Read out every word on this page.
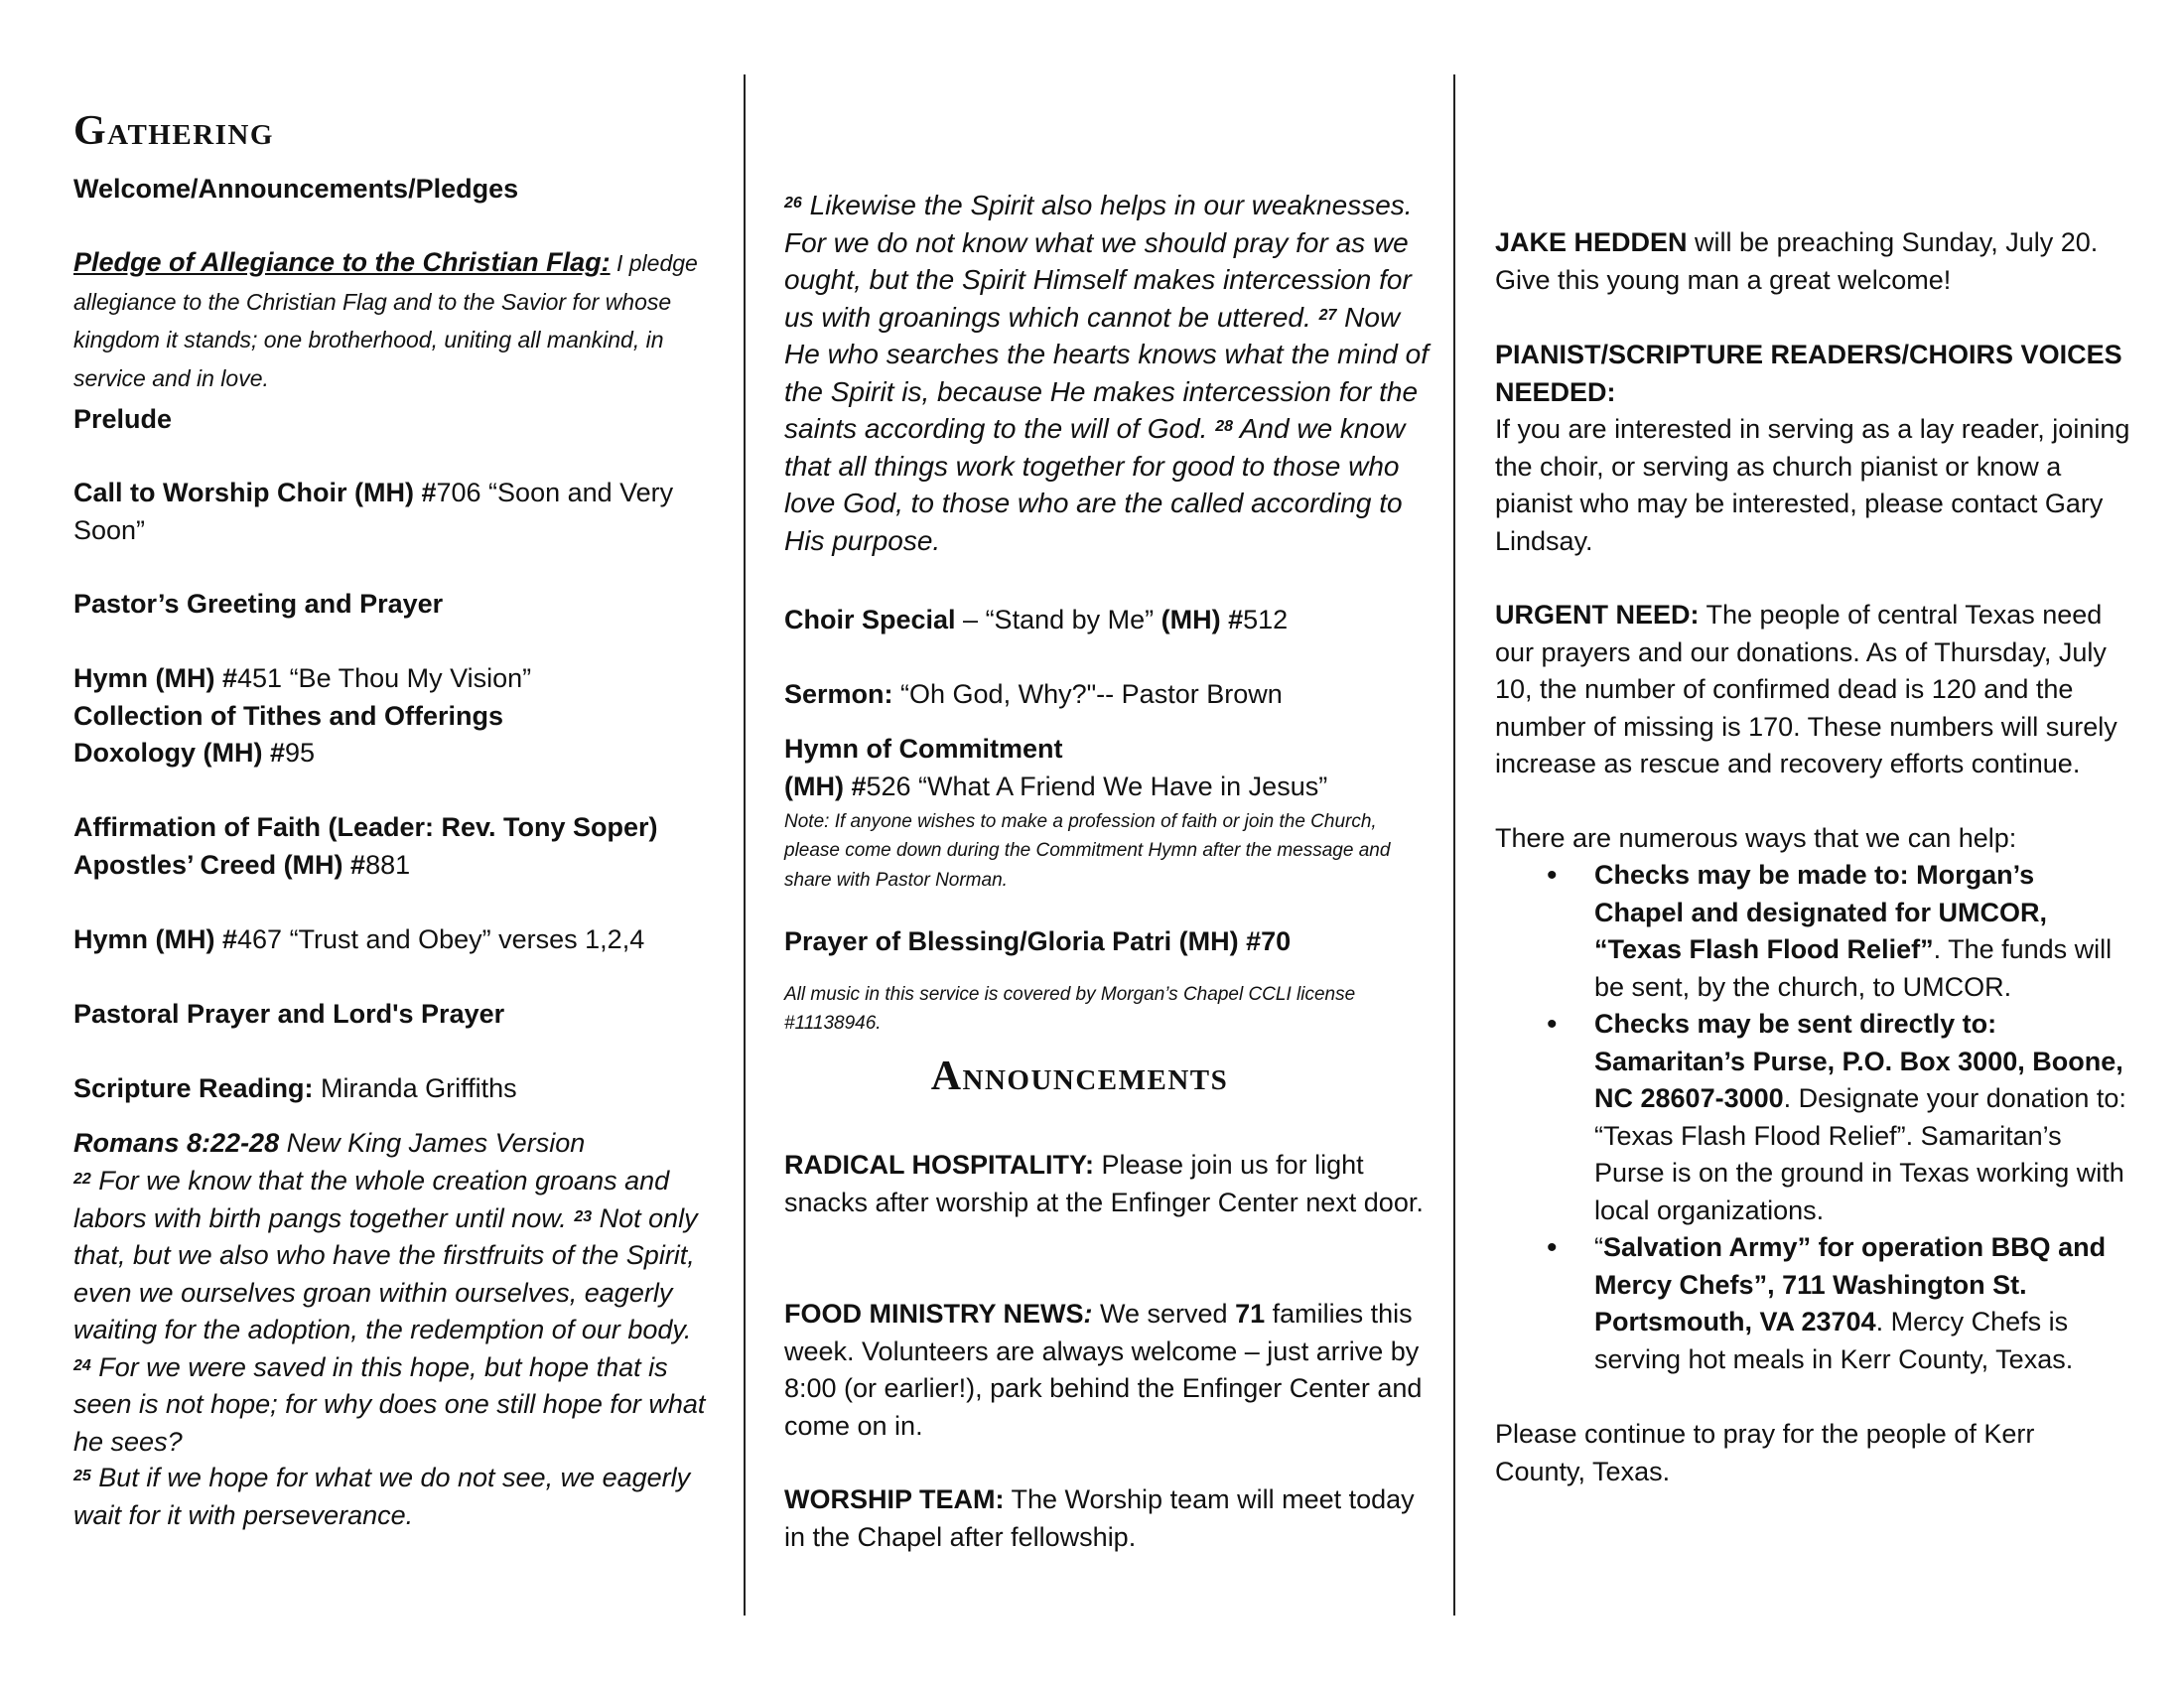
Gathering

Welcome/Announcements/Pledges

Pledge of Allegiance to the Christian Flag: I pledge allegiance to the Christian Flag and to the Savior for whose kingdom it stands; one brotherhood, uniting all mankind, in service and in love.

Prelude

Call to Worship Choir (MH) #706 “Soon and Very Soon”

Pastor’s Greeting and Prayer

Hymn (MH) #451 “Be Thou My Vision”

Collection of Tithes and Offerings

Doxology (MH) #95

Affirmation of Faith (Leader: Rev. Tony Soper)

Apostles’ Creed (MH) #881

Hymn (MH) #467 “Trust and Obey” verses 1,2,4

Pastoral Prayer and Lord's Prayer

Scripture Reading: Miranda Griffiths

Romans 8:22-28 New King James Version

$^{22}$ For we know that the whole creation groans and labors with birth pangs together until now. $^{23}$ Not only that, but we also who have the firstfruits of the Spirit, even we ourselves groan within ourselves, eagerly waiting for the adoption, the redemption of our body. $^{24}$ For we were saved in this hope, but hope that is seen is not hope; for why does one still hope for what he sees?

$^{25}$ But if we hope for what we do not see, we eagerly wait for it with perseverance.

$^{26}$ Likewise the Spirit also helps in our weaknesses. For we do not know what we should pray for as we ought, but the Spirit Himself makes intercession for us with groanings which cannot be uttered. $^{27}$ Now He who searches the hearts knows what the mind of the Spirit is, because He makes intercession for the saints according to the will of God. $^{28}$ And we know that all things work together for good to those who love God, to those who are the called according to His purpose.

Choir Special – “Stand by Me” (MH) #512

Sermon: “Oh God, Why?"-- Pastor Brown

Hymn of Commitment

(MH) #526 “What A Friend We Have in Jesus”

Note: If anyone wishes to make a profession of faith or join the Church, please come down during the Commitment Hymn after the message and share with Pastor Norman.

Prayer of Blessing/Gloria Patri (MH) #70

All music in this service is covered by Morgan’s Chapel CCLI license #11138946.

Announcements

RADICAL HOSPITALITY: Please join us for light snacks after worship at the Enfinger Center next door.

FOOD MINISTRY NEWS: We served 71 families this week. Volunteers are always welcome – just arrive by 8:00 (or earlier!), park behind the Enfinger Center and come on in.

WORSHIP TEAM: The Worship team will meet today in the Chapel after fellowship.

JAKE HEDDEN will be preaching Sunday, July 20. Give this young man a great welcome!

PIANIST/SCRIPTURE READERS/CHOIRS VOICES NEEDED:

If you are interested in serving as a lay reader, joining the choir, or serving as church pianist or know a pianist who may be interested, please contact Gary Lindsay.

URGENT NEED: The people of central Texas need our prayers and our donations. As of Thursday, July 10, the number of confirmed dead is 120 and the number of missing is 170. These numbers will surely increase as rescue and recovery efforts continue.

There are numerous ways that we can help:

• Checks may be made to: Morgan’s Chapel and designated for UMCOR, “Texas Flash Flood Relief”. The funds will be sent, by the church, to UMCOR.
• Checks may be sent directly to: Samaritan’s Purse, P.O. Box 3000, Boone, NC 28607-3000. Designate your donation to: “Texas Flash Flood Relief”. Samaritan’s Purse is on the ground in Texas working with local organizations.
• “Salvation Army” for operation BBQ and Mercy Chefs”, 711 Washington St. Portsmouth, VA 23704. Mercy Chefs is serving hot meals in Kerr County, Texas.

Please continue to pray for the people of Kerr County, Texas.
